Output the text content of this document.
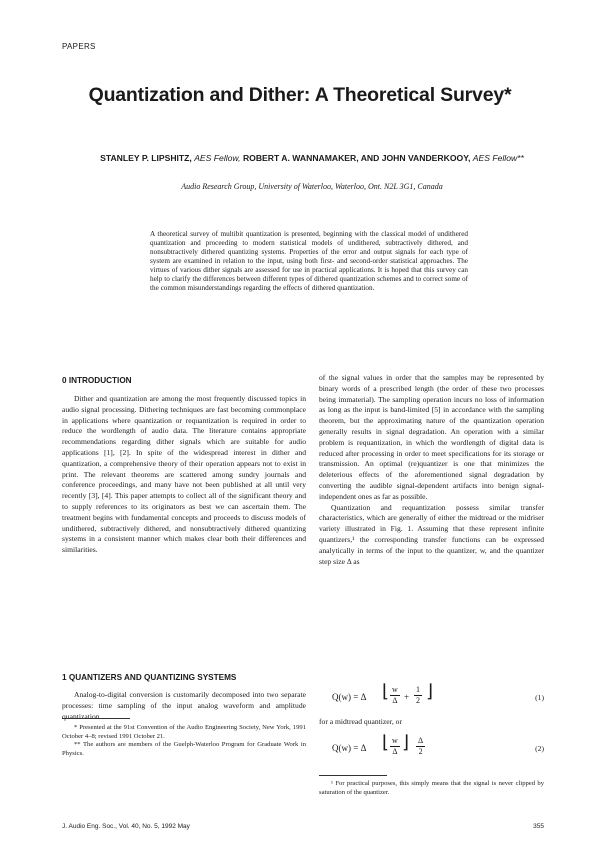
PAPERS
Quantization and Dither: A Theoretical Survey*
STANLEY P. LIPSHITZ, AES Fellow, ROBERT A. WANNAMAKER, AND JOHN VANDERKOOY, AES Fellow**
Audio Research Group, University of Waterloo, Waterloo, Ont. N2L 3G1, Canada
A theoretical survey of multibit quantization is presented, beginning with the classical model of undithered quantization and proceeding to modern statistical models of undithered, subtractively dithered, and nonsubtractively dithered quantizing systems. Properties of the error and output signals for each type of system are examined in relation to the input, using both first- and second-order statistical approaches. The virtues of various dither signals are assessed for use in practical applications. It is hoped that this survey can help to clarify the differences between different types of dithered quantization schemes and to correct some of the common misunderstandings regarding the effects of dithered quantization.
0 INTRODUCTION

Dither and quantization are among the most frequently discussed topics in audio signal processing. Dithering techniques are fast becoming commonplace in applications where quantization or requantization is required in order to reduce the wordlength of audio data. The literature contains appropriate recommendations regarding dither signals which are suitable for audio applications [1], [2]. In spite of the widespread interest in dither and quantization, a comprehensive theory of their operation appears not to exist in print. The relevant theorems are scattered among sundry journals and conference proceedings, and many have not been published at all until very recently [3], [4]. This paper attempts to collect all of the significant theory and to supply references to its originators as best we can ascertain them. The treatment begins with fundamental concepts and proceeds to discuss models of undithered, subtractively dithered, and nonsubtractively dithered quantizing systems in a consistent manner which makes clear both their differences and similarities.

1 QUANTIZERS AND QUANTIZING SYSTEMS

Analog-to-digital conversion is customarily decomposed into two separate processes: time sampling of the input analog waveform and amplitude quantization

* Presented at the 91st Convention of the Audio Engineering Society, New York, 1991 October 4–8; revised 1991 October 21.

** The authors are members of the Guelph-Waterloo Program for Graduate Work in Physics.

of the signal values in order that the samples may be represented by binary words of a prescribed length (the order of these two processes being immaterial). The sampling operation incurs no loss of information as long as the input is band-limited [5] in accordance with the sampling theorem, but the approximating nature of the quantization operation generally results in signal degradation. An operation with a similar problem is requantization, in which the wordlength of digital data is reduced after processing in order to meet specifications for its storage or transmission. An optimal (re)quantizer is one that minimizes the deleterious effects of the aforementioned signal degradation by converting the audible signal-dependent artifacts into benign signal-independent ones as far as possible.

Quantization and requantization possess similar transfer characteristics, which are generally of either the midtread or the midriser variety illustrated in Fig. 1. Assuming that these represent infinite quantizers,¹ the corresponding transfer functions can be expressed analytically in terms of the input to the quantizer, w, and the quantizer step size Δ as

Q(w) = Δ ⌊ $\frac{w}{\Delta} + \frac{1}{2}$ ⌋	(1)

for a midtread quantizer, or

Q(w) = Δ ⌊ $\frac{w}{\Delta}$ ⌋ $\frac{\Delta}{2}$	(2)

¹ For practical purposes, this simply means that the signal is never clipped by saturation of the quantizer.

J. Audio Eng. Soc., Vol. 40, No. 5, 1992 May	355
